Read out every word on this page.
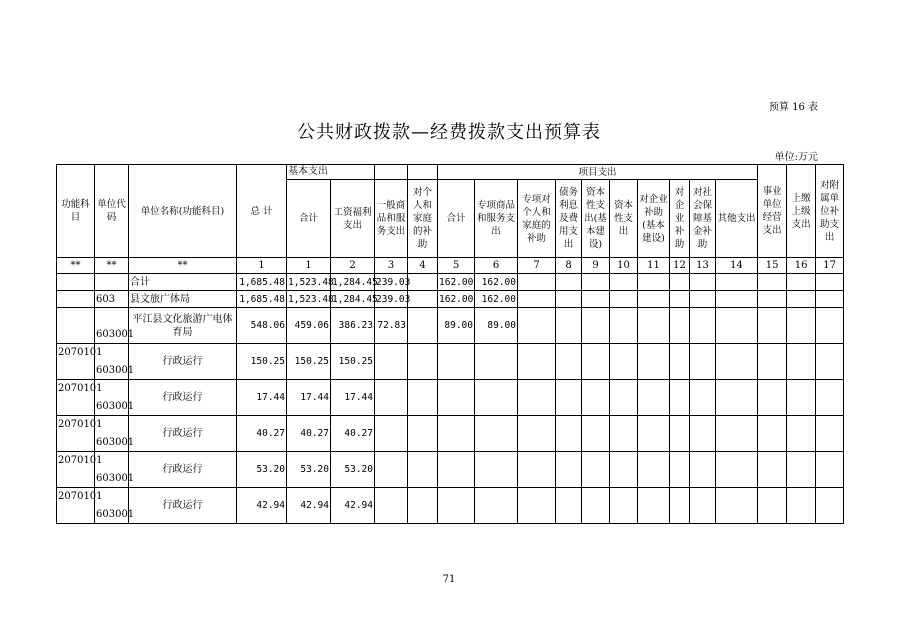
预算 16 表
公共财政拨款—经费拨款支出预算表
单位:万元
功能科目	单位代码	单位名称(功能科目)	总 计	基本支出				项目支出										事业单位经营支出	上缴上级支出	对附属单位补助支出
				合计	工资福利支出	一般商品和服务支出	对个人和家庭的补助	合计	专项商品和服务支出	专项对个人和家庭的补助	债务利息及费用支出	资本性支出(基本建设)	资本性支出	对企业补助(基本建设)	对企业补助	对社会保障基金补助	其他支出			
**	**	**	1	1	2	3	4	5	6	7	8	9	10	11	12	13	14	15	16	17
		合计	1,685.48	1,523.48	1,284.45	239.03		162.00	162.00											
	603	县文旅广体局	1,685.48	1,523.48	1,284.45	239.03		162.00	162.00											

	603001	平江县文化旅游广电体育局	548.06	459.06	386.23	72.83		89.00	89.00											

2070101	603001	行政运行	150.25	150.25	150.25															

2070101	603001	行政运行	17.44	17.44	17.44															

2070101	603001	行政运行	40.27	40.27	40.27															

2070101	603001	行政运行	53.20	53.20	53.20															

2070101	603001	行政运行	42.94	42.94	42.94															
71
